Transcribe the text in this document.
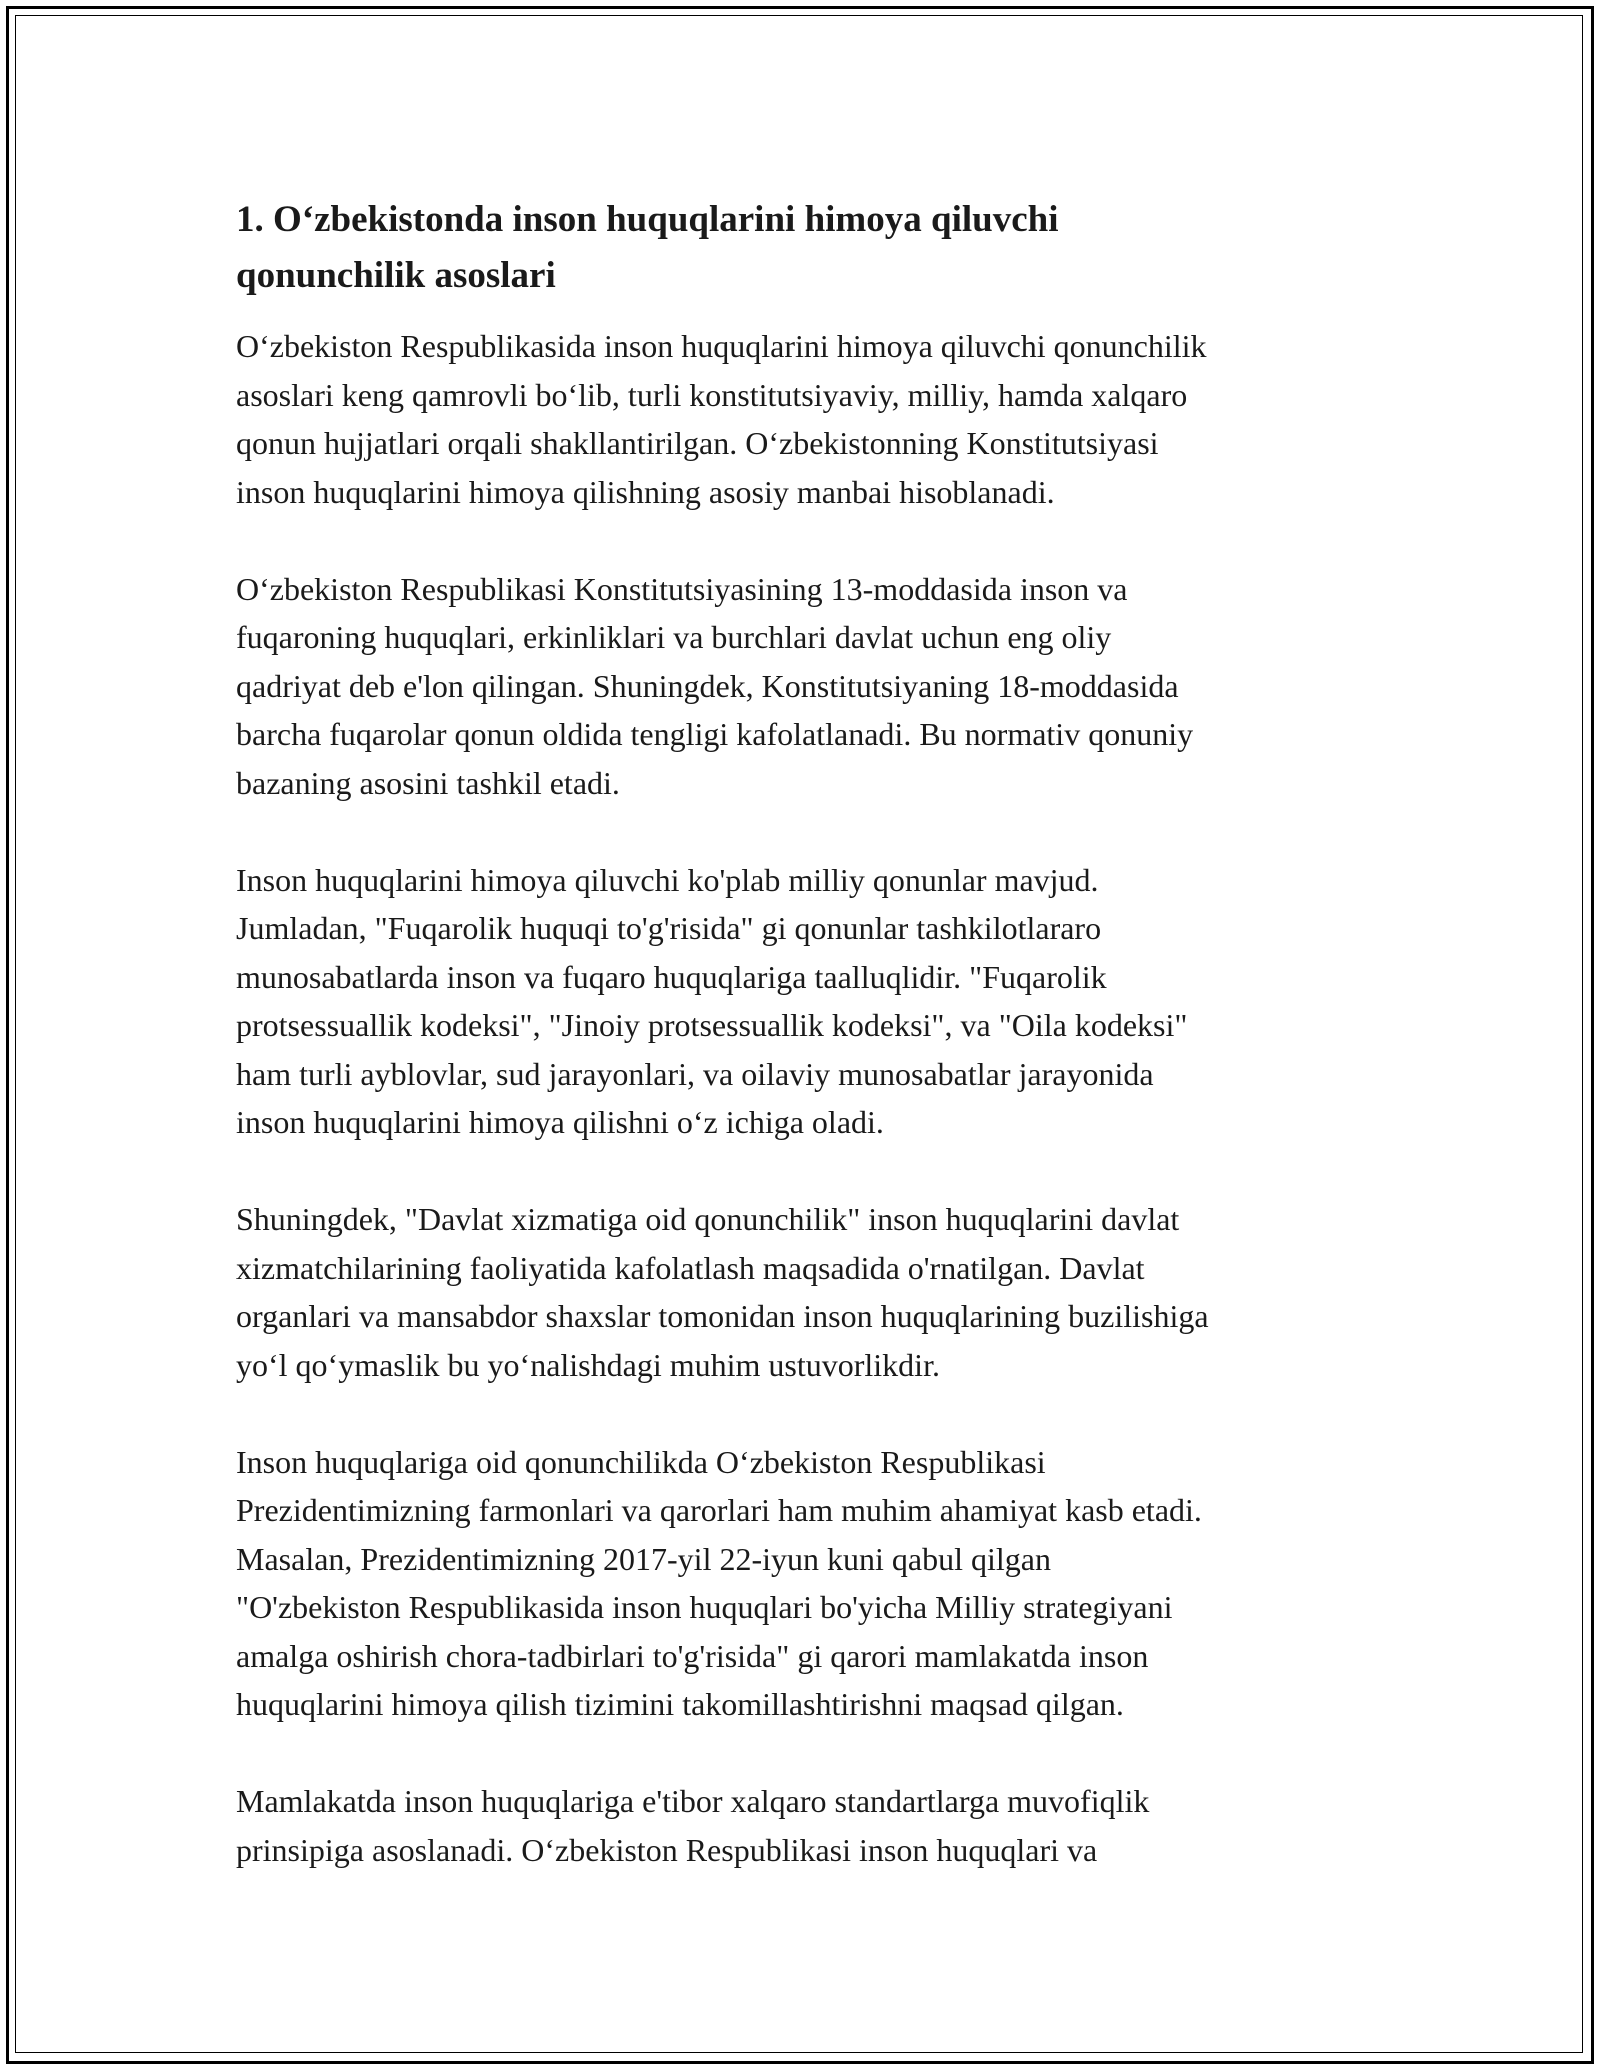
1. O‘zbekistonda inson huquqlarini himoya qiluvchi
qonunchilik asoslari

O‘zbekiston Respublikasida inson huquqlarini himoya qiluvchi qonunchilik
asoslari keng qamrovli bo‘lib, turli konstitutsiyaviy, milliy, hamda xalqaro
qonun hujjatlari orqali shakllantirilgan. O‘zbekistonning Konstitutsiyasi
inson huquqlarini himoya qilishning asosiy manbai hisoblanadi.

O‘zbekiston Respublikasi Konstitutsiyasining 13-moddasida inson va
fuqaroning huquqlari, erkinliklari va burchlari davlat uchun eng oliy
qadriyat deb e'lon qilingan. Shuningdek, Konstitutsiyaning 18-moddasida
barcha fuqarolar qonun oldida tengligi kafolatlanadi. Bu normativ qonuniy
bazaning asosini tashkil etadi.

Inson huquqlarini himoya qiluvchi ko'plab milliy qonunlar mavjud.
Jumladan, "Fuqarolik huquqi to'g'risida" gi qonunlar tashkilotlararo
munosabatlarda inson va fuqaro huquqlariga taalluqlidir. "Fuqarolik
protsessuallik kodeksi", "Jinoiy protsessuallik kodeksi", va "Oila kodeksi"
ham turli ayblovlar, sud jarayonlari, va oilaviy munosabatlar jarayonida
inson huquqlarini himoya qilishni o‘z ichiga oladi.

Shuningdek, "Davlat xizmatiga oid qonunchilik" inson huquqlarini davlat
xizmatchilarining faoliyatida kafolatlash maqsadida o'rnatilgan. Davlat
organlari va mansabdor shaxslar tomonidan inson huquqlarining buzilishiga
yo‘l qo‘ymaslik bu yo‘nalishdagi muhim ustuvorlikdir.

Inson huquqlariga oid qonunchilikda O‘zbekiston Respublikasi
Prezidentimizning farmonlari va qarorlari ham muhim ahamiyat kasb etadi.
Masalan, Prezidentimizning 2017-yil 22-iyun kuni qabul qilgan
"O'zbekiston Respublikasida inson huquqlari bo'yicha Milliy strategiyani
amalga oshirish chora-tadbirlari to'g'risida" gi qarori mamlakatda inson
huquqlarini himoya qilish tizimini takomillashtirishni maqsad qilgan.

Mamlakatda inson huquqlariga e'tibor xalqaro standartlarga muvofiqlik
prinsipiga asoslanadi. O‘zbekiston Respublikasi inson huquqlari va
